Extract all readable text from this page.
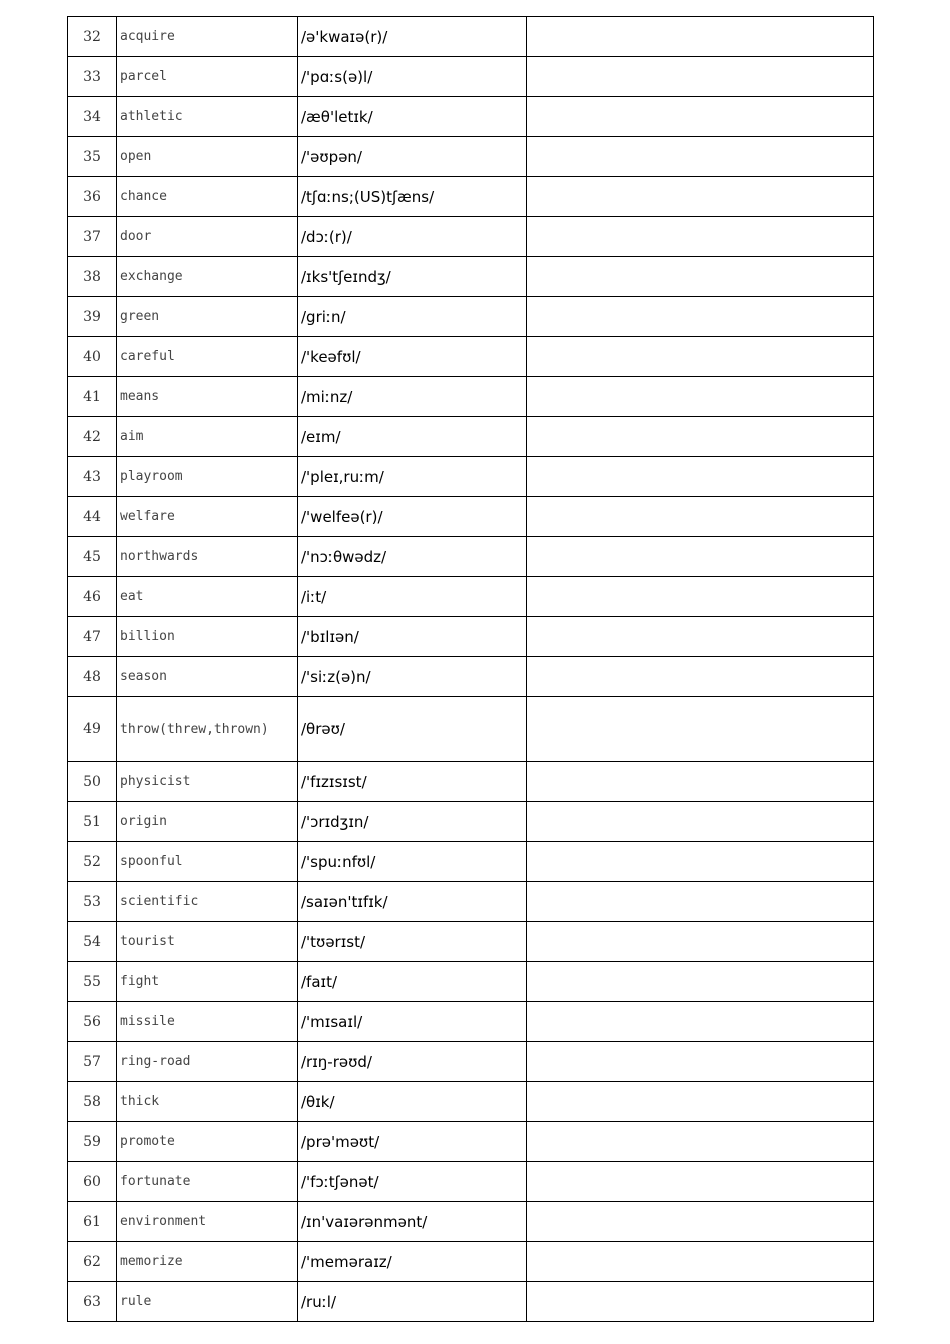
32	acquire	/ə'kwaɪə(r)/	
33	parcel	/'pɑːs(ə)l/	
34	athletic	/æθ'letɪk/	
35	open	/'əʊpən/	
36	chance	/tʃɑːns;(US)tʃæns/	
37	door	/dɔː(r)/	
38	exchange	/ɪks'tʃeɪndʒ/	
39	green	/griːn/	
40	careful	/'keəfʊl/	
41	means	/miːnz/	
42	aim	/eɪm/	
43	playroom	/'pleɪ,ruːm/	
44	welfare	/'welfeə(r)/	
45	northwards	/'nɔːθwədz/	
46	eat	/iːt/	
47	billion	/'bɪlɪən/	
48	season	/'siːz(ə)n/	
49	throw(threw,thrown)	/θrəʊ/	
50	physicist	/'fɪzɪsɪst/	
51	origin	/'ɔrɪdʒɪn/	
52	spoonful	/'spuːnfʊl/	
53	scientific	/saɪən'tɪfɪk/	
54	tourist	/'tʊərɪst/	
55	fight	/faɪt/	
56	missile	/'mɪsaɪl/	
57	ring-road	/rɪŋ-rəʊd/	
58	thick	/θɪk/	
59	promote	/prə'məʊt/	
60	fortunate	/'fɔːtʃənət/	
61	environment	/ɪn'vaɪərənmənt/	
62	memorize	/'meməraɪz/	
63	rule	/ruːl/	
